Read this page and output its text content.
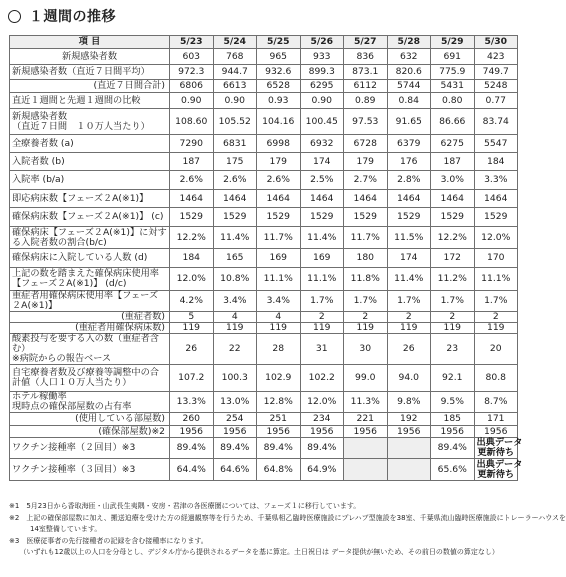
１週間の推移
項 目	5/23	5/24	5/25	5/26	5/27	5/28	5/29	5/30
新規感染者数	603	768	965	933	836	632	691	423
新規感染者数（直近７日間平均）	972.3	944.7	932.6	899.3	873.1	820.6	775.9	749.7
(直近７日間合計)	6806	6613	6528	6295	6112	5744	5431	5248
直近１週間と先週１週間の比較	0.90	0.90	0.93	0.90	0.89	0.84	0.80	0.77
新規感染者数
（直近７日間　１０万人当たり）	108.60	105.52	104.16	100.45	97.53	91.65	86.66	83.74
全療養者数 (a)	7290	6831	6998	6932	6728	6379	6275	5547
入院者数 (b)	187	175	179	174	179	176	187	184
入院率 (b/a)	2.6%	2.6%	2.6%	2.5%	2.7%	2.8%	3.0%	3.3%
即応病床数【フェーズ２A(※1)】	1464	1464	1464	1464	1464	1464	1464	1464
確保病床数【フェーズ２A(※1)】 (c)	1529	1529	1529	1529	1529	1529	1529	1529
確保病床【フェーズ２A(※1)】に対する入院者数の割合(b/c)	12.2%	11.4%	11.7%	11.4%	11.7%	11.5%	12.2%	12.0%
確保病床に入院している人数 (d)	184	165	169	169	180	174	172	170
上記の数を踏まえた確保病床使用率【フェーズ２A(※1)】 (d/c)	12.0%	10.8%	11.1%	11.1%	11.8%	11.4%	11.2%	11.1%
重症者用確保病床使用率【フェーズ２A(※1)】	4.2%	3.4%	3.4%	1.7%	1.7%	1.7%	1.7%	1.7%
(重症者数)	5	4	4	2	2	2	2	2
(重症者用確保病床数)	119	119	119	119	119	119	119	119
酸素投与を要する入の数（重症者含む）
※病院からの報告ベース	26	22	28	31	30	26	23	20
自宅療養者数及び療養等調整中の合計値（人口１０万人当たり）	107.2	100.3	102.9	102.2	99.0	94.0	92.1	80.8
ホテル稼働率
現時点の確保部屋数の占有率	13.3%	13.0%	12.8%	12.0%	11.3%	9.8%	9.5%	8.7%
(使用している部屋数)	260	254	251	234	221	192	185	171
(確保部屋数)※2	1956	1956	1956	1956	1956	1956	1956	1956
ワクチン接種率（２回目）※3	89.4%	89.4%	89.4%	89.4%			89.4%	出典データ
更新待ち
ワクチン接種率（３回目）※3	64.4%	64.6%	64.8%	64.9%			65.6%	出典データ
更新待ち
※1　5月23日から香取海匝・山武長生夷隅・安房・君津の各医療圏については、フェーズ１に移行しています。
※2　上記の確保部屋数に加え、搬送迫療を受けた方の経過観察等を行うため、千葉県相乙臨時医療施設にプレハブ型施設を38室、千葉県流山臨時医療施設にトレーラーハウスを
　　　14室整備しています。
※3　医療従事者の先行接種者の記録を含む接種率になります。
　　（いずれも12歳以上の人口を分母とし、デジタル庁から提供されるデータを基に算定。土日祝日は データ提供が無いため、その前日の数値の算定なし）
